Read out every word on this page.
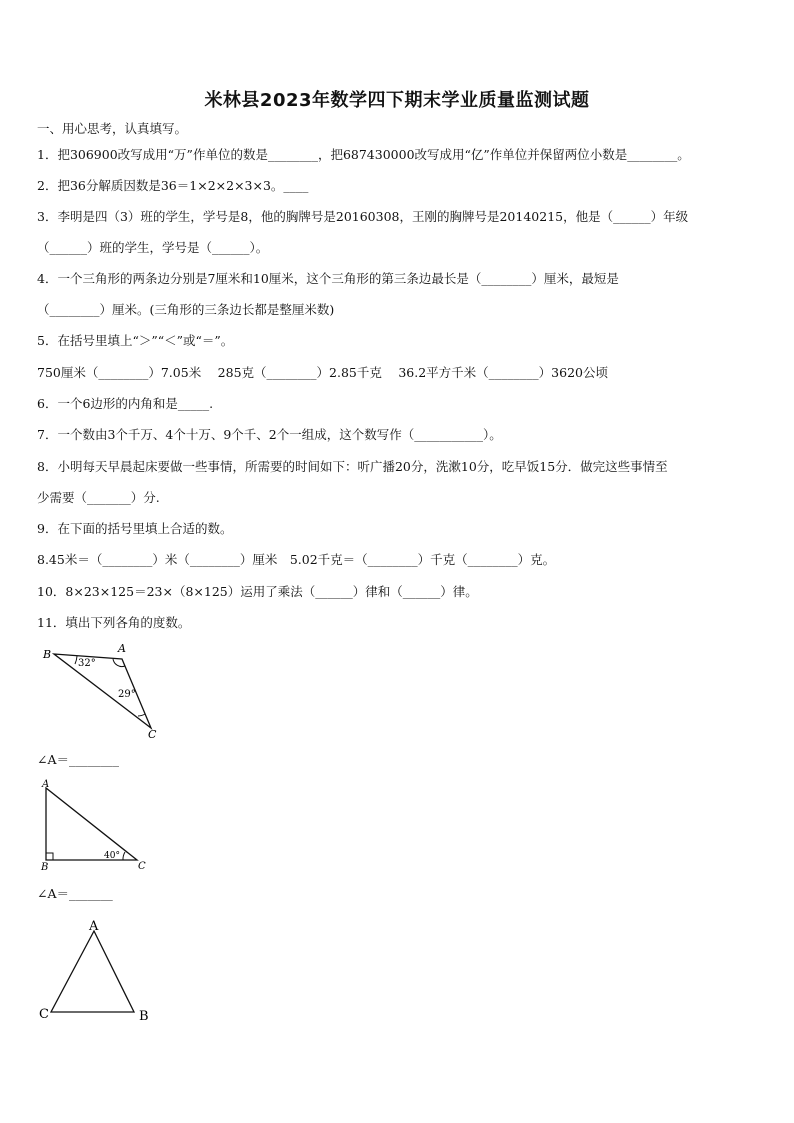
米林县2023年数学四下期末学业质量监测试题
一、用心思考，认真填写。
1．把306900改写成用“万”作单位的数是________，把687430000改写成用“亿”作单位并保留两位小数是________。
2．把36分解质因数是36＝1×2×2×3×3。____
3．李明是四（3）班的学生，学号是8，他的胸牌号是20160308，王刚的胸牌号是20140215，他是（______）年级
（______）班的学生，学号是（______）。
4．一个三角形的两条边分别是7厘米和10厘米，这个三角形的第三条边最长是（________）厘米，最短是
（________）厘米。(三角形的三条边长都是整厘米数)
5．在括号里填上“＞”“＜”或“＝”。
750厘米（________）7.05米　 285克（________）2.85千克　 36.2平方千米（________）3620公顷
6．一个6边形的内角和是_____.
7．一个数由3个千万、4个十万、9个千、2个一组成，这个数写作（___________）。
8．小明每天早晨起床要做一些事情，所需要的时间如下：听广播20分，洗漱10分，吃早饭15分．做完这些事情至
少需要（_______）分.
9．在下面的括号里填上合适的数。
8.45米＝（________）米（________）厘米　5.02千克＝（________）千克（________）克。
10．8×23×125＝23×（8×125）运用了乘法（______）律和（______）律。
11．填出下列各角的度数。
B	A
C
32°
29°
∠A＝________
A
B	C
40°
∠A＝_______
A
C	B
